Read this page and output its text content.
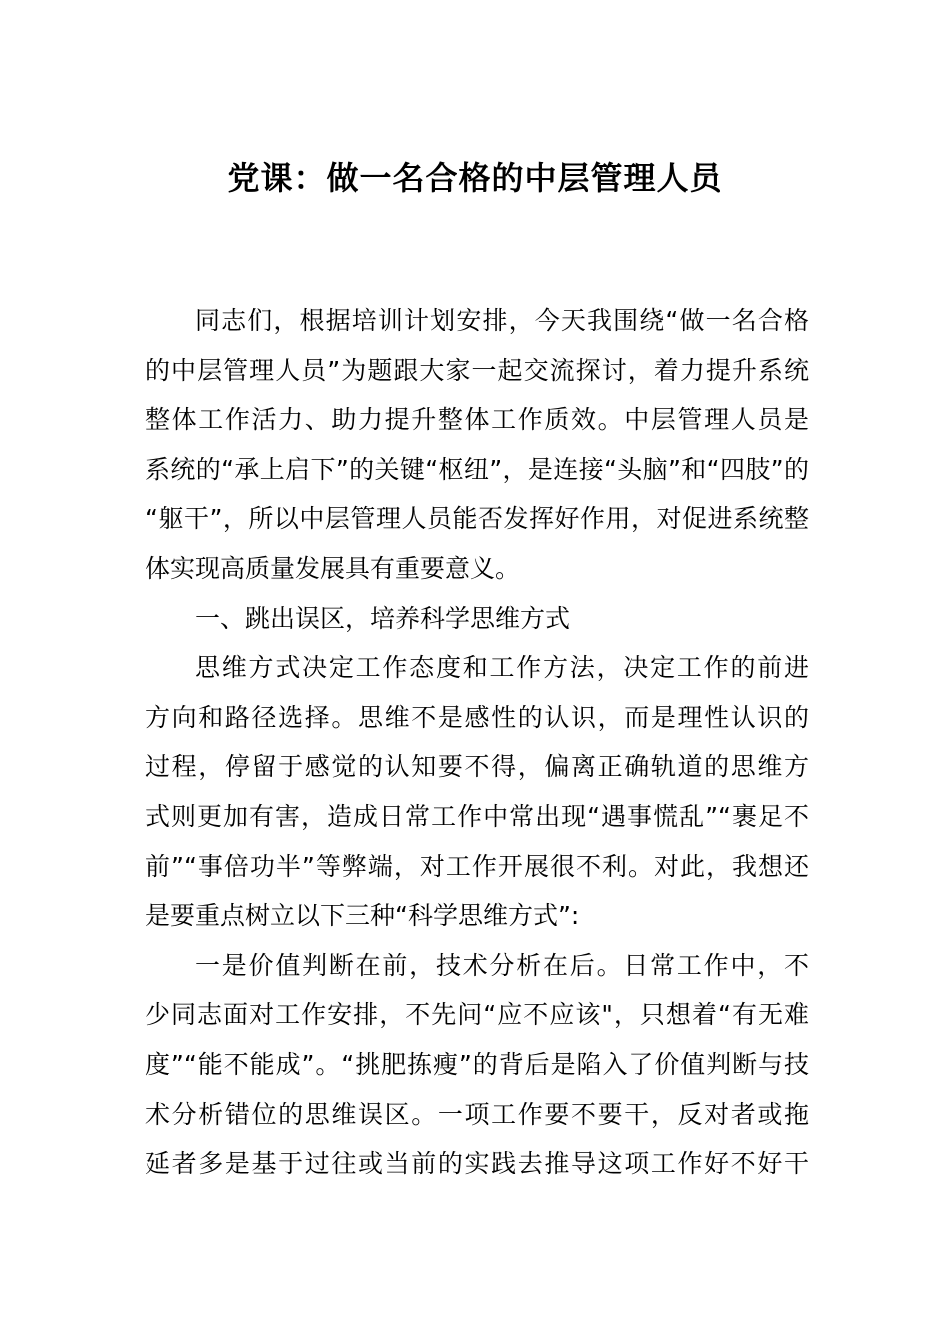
党课：做一名合格的中层管理人员

同志们，根据培训计划安排，今天我围绕“做一名合格

的中层管理人员”为题跟大家一起交流探讨，着力提升系统

整体工作活力、助力提升整体工作质效。中层管理人员是

系统的“承上启下”的关键“枢纽”，是连接“头脑”和“四肢”的

“躯干”，所以中层管理人员能否发挥好作用，对促进系统整

体实现高质量发展具有重要意义。

一、跳出误区，培养科学思维方式

思维方式决定工作态度和工作方法，决定工作的前进

方向和路径选择。思维不是感性的认识，而是理性认识的

过程，停留于感觉的认知要不得，偏离正确轨道的思维方

式则更加有害，造成日常工作中常出现“遇事慌乱”“裹足不

前”“事倍功半”等弊端，对工作开展很不利。对此，我想还

是要重点树立以下三种“科学思维方式”:

一是价值判断在前，技术分析在后。日常工作中，不

少同志面对工作安排，不先问“应不应该"，只想着“有无难

度”“能不能成”。“挑肥拣瘦”的背后是陷入了价值判断与技

术分析错位的思维误区。一项工作要不要干，反对者或拖

延者多是基于过往或当前的实践去推导这项工作好不好干
